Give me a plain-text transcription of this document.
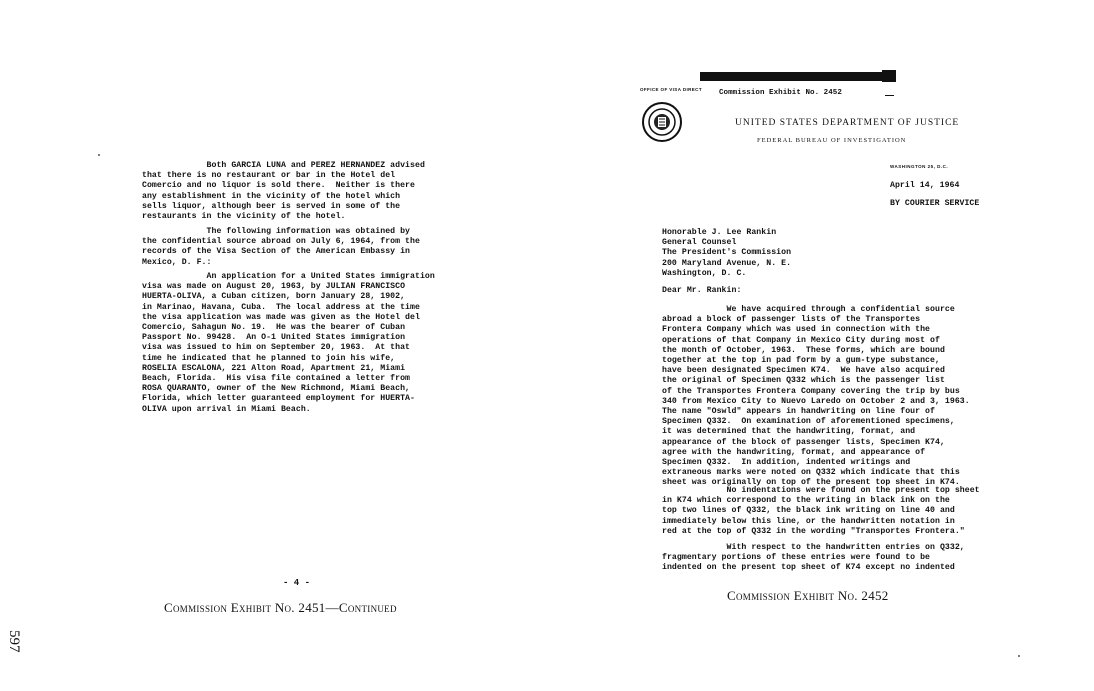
Both GARCIA LUNA and PEREZ HERNANDEZ advised
that there is no restaurant or bar in the Hotel del
Comercio and no liquor is sold there.  Neither is there
any establishment in the vicinity of the hotel which
sells liquor, although beer is served in some of the
restaurants in the vicinity of the hotel.
The following information was obtained by
the confidential source abroad on July 6, 1964, from the
records of the Visa Section of the American Embassy in
Mexico, D. F.:
An application for a United States immigration
visa was made on August 20, 1963, by JULIAN FRANCISCO
HUERTA-OLIVA, a Cuban citizen, born January 28, 1902,
in Marinao, Havana, Cuba.  The local address at the time
the visa application was made was given as the Hotel del
Comercio, Sahagun No. 19.  He was the bearer of Cuban
Passport No. 99428.  An O-1 United States immigration
visa was issued to him on September 20, 1963.  At that
time he indicated that he planned to join his wife,
ROSELIA ESCALONA, 221 Alton Road, Apartment 21, Miami
Beach, Florida.  His visa file contained a letter from
ROSA QUARANTO, owner of the New Richmond, Miami Beach,
Florida, which letter guaranteed employment for HUERTA-
OLIVA upon arrival in Miami Beach.
- 4 -
Commission Exhibit No. 2451—Continued
597
OFFICE OF VISA DIRECT Commission Exhibit No. 2452
UNITED STATES DEPARTMENT OF JUSTICE
FEDERAL BUREAU OF INVESTIGATION
WASHINGTON 25, D.C.
April 14, 1964
BY COURIER SERVICE
Honorable J. Lee Rankin
General Counsel
The President's Commission
200 Maryland Avenue, N. E.
Washington, D. C.
Dear Mr. Rankin:
We have acquired through a confidential source
abroad a block of passenger lists of the Transportes
Frontera Company which was used in connection with the
operations of that Company in Mexico City during most of
the month of October, 1963.  These forms, which are bound
together at the top in pad form by a gum-type substance,
have been designated Specimen K74.  We have also acquired
the original of Specimen Q332 which is the passenger list
of the Transportes Frontera Company covering the trip by bus
340 from Mexico City to Nuevo Laredo on October 2 and 3, 1963.
The name "Oswld" appears in handwriting on line four of
Specimen Q332.  On examination of aforementioned specimens,
it was determined that the handwriting, format, and
appearance of the block of passenger lists, Specimen K74,
agree with the handwriting, format, and appearance of
Specimen Q332.  In addition, indented writings and
extraneous marks were noted on Q332 which indicate that this
sheet was originally on top of the present top sheet in K74.
No indentations were found on the present top sheet
in K74 which correspond to the writing in black ink on the
top two lines of Q332, the black ink writing on line 40 and
immediately below this line, or the handwritten notation in
red at the top of Q332 in the wording "Transportes Frontera."
With respect to the handwritten entries on Q332,
fragmentary portions of these entries were found to be
indented on the present top sheet of K74 except no indented
Commission Exhibit No. 2452
